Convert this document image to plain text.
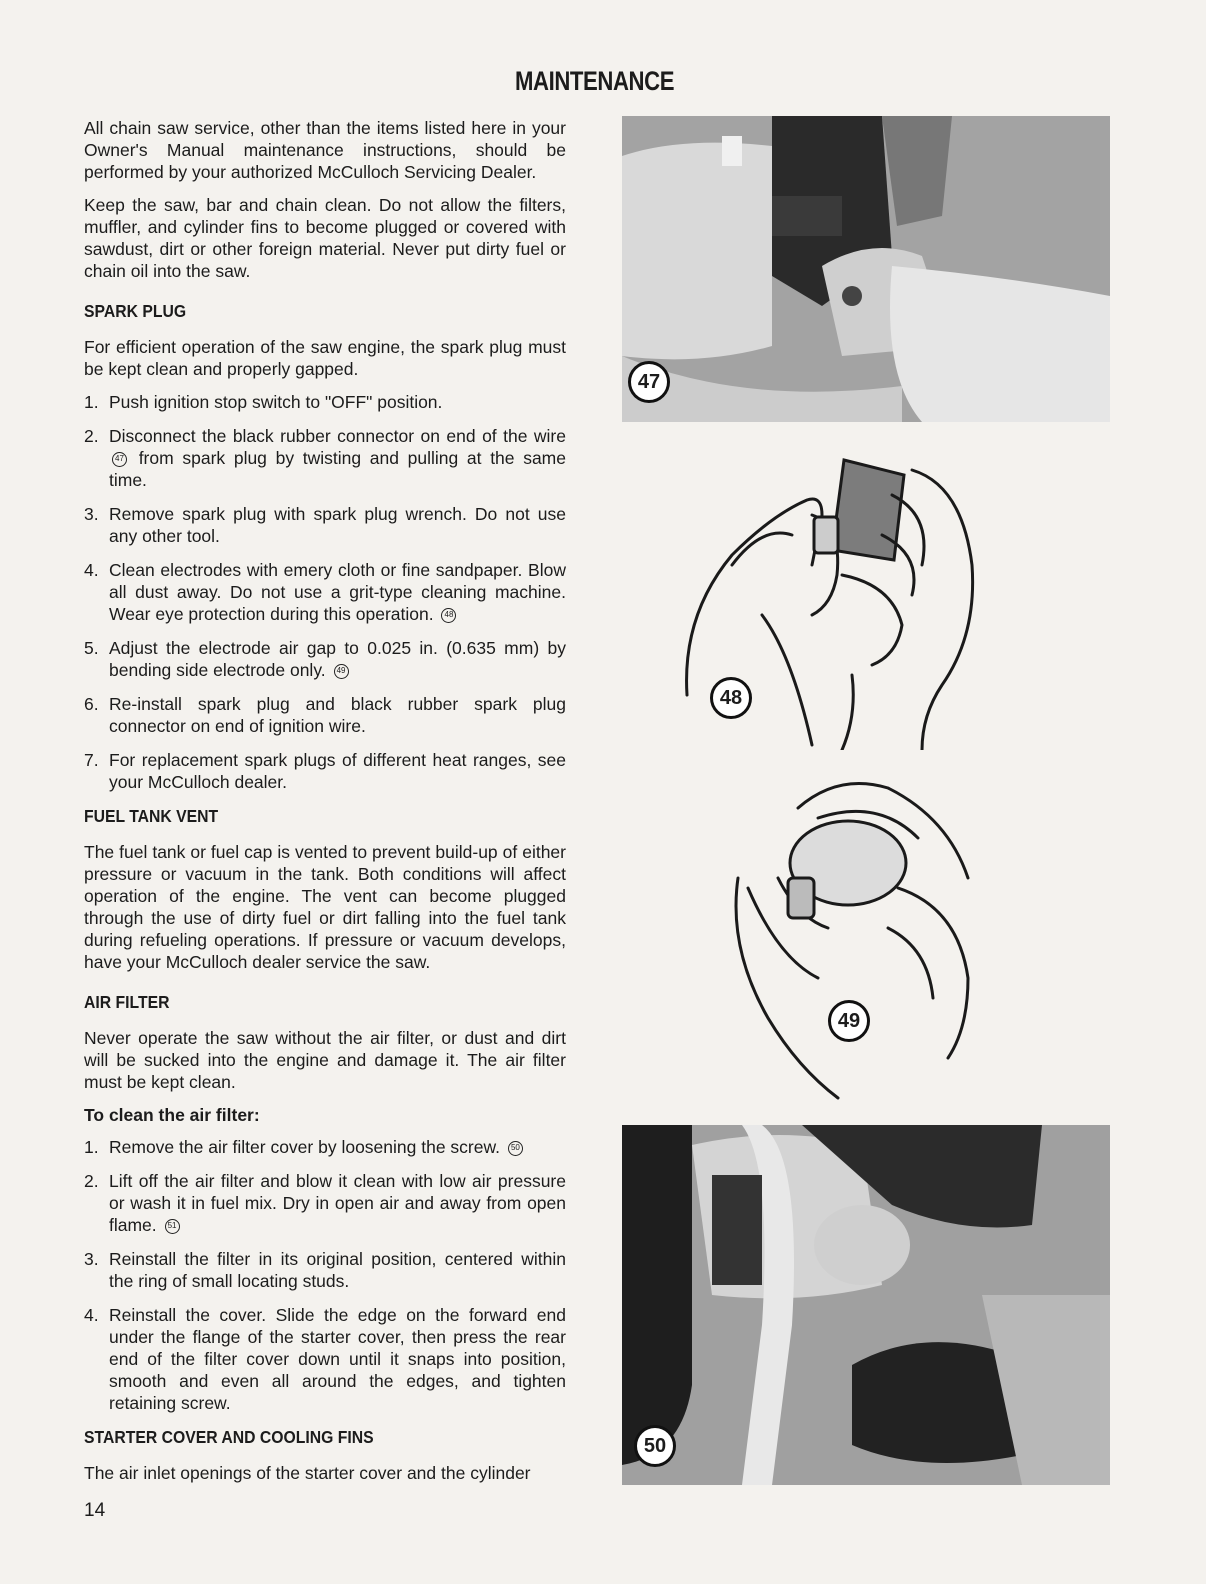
MAINTENANCE

All chain saw service, other than the items listed here in your Owner's Manual maintenance instructions, should be performed by your authorized McCulloch Servicing Dealer.

Keep the saw, bar and chain clean. Do not allow the filters, muffler, and cylinder fins to become plugged or covered with sawdust, dirt or other foreign material. Never put dirty fuel or chain oil into the saw.

SPARK PLUG

For efficient operation of the saw engine, the spark plug must be kept clean and properly gapped.

1. Push ignition stop switch to "OFF" position.
2. Disconnect the black rubber connector on end of the wire 47 from spark plug by twisting and pulling at the same time.
3. Remove spark plug with spark plug wrench. Do not use any other tool.
4. Clean electrodes with emery cloth or fine sandpaper. Blow all dust away. Do not use a grit-type cleaning machine. Wear eye protection during this operation. 48
5. Adjust the electrode air gap to 0.025 in. (0.635 mm) by bending side electrode only. 49
6. Re-install spark plug and black rubber spark plug connector on end of ignition wire.
7. For replacement spark plugs of different heat ranges, see your McCulloch dealer.
FUEL TANK VENT

The fuel tank or fuel cap is vented to prevent build-up of either pressure or vacuum in the tank. Both conditions will affect operation of the engine. The vent can become plugged through the use of dirty fuel or dirt falling into the fuel tank during refueling operations. If pressure or vacuum develops, have your McCulloch dealer service the saw.

AIR FILTER

Never operate the saw without the air filter, or dust and dirt will be sucked into the engine and damage it. The air filter must be kept clean.

To clean the air filter:
1. Remove the air filter cover by loosening the screw. 50
2. Lift off the air filter and blow it clean with low air pressure or wash it in fuel mix. Dry in open air and away from open flame. 51
3. Reinstall the filter in its original position, centered within the ring of small locating studs.
4. Reinstall the cover. Slide the edge on the forward end under the flange of the starter cover, then press the rear end of the filter cover down until it snaps into position, smooth and even all around the edges, and tighten retaining screw.
STARTER COVER AND COOLING FINS

The air inlet openings of the starter cover and the cylinder

47
48
49
50
14
